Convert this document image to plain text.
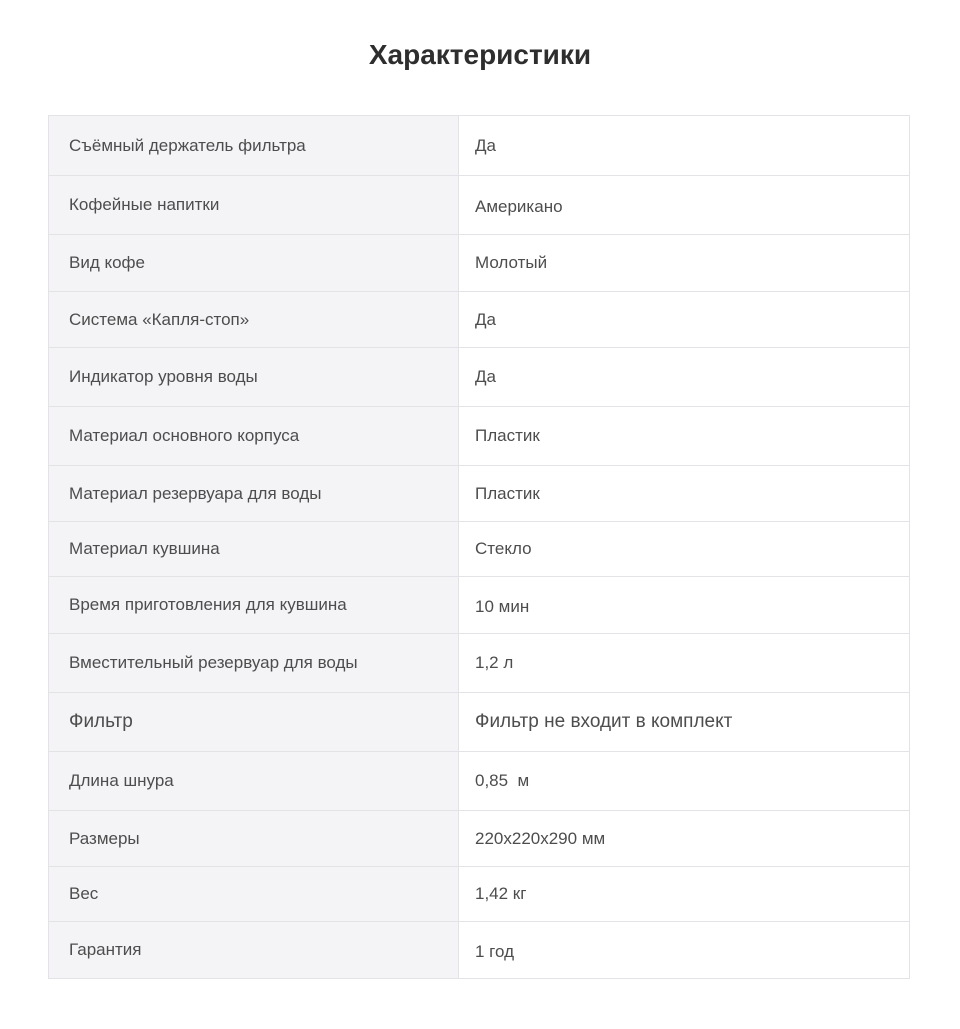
Характеристики
Съёмный держатель фильтра	Да
Кофейные напитки	Американо
Вид кофе	Молотый
Система «Капля-стоп»	Да
Индикатор уровня воды	Да
Материал основного корпуса	Пластик
Материал резервуара для воды	Пластик
Материал кувшина	Стекло
Время приготовления для кувшина	10 мин
Вместительный резервуар для воды	1,2 л
Фильтр	Фильтр не входит в комплект
Длина шнура	0,85  м
Размеры	220x220x290 мм
Вес	1,42 кг
Гарантия	1 год
